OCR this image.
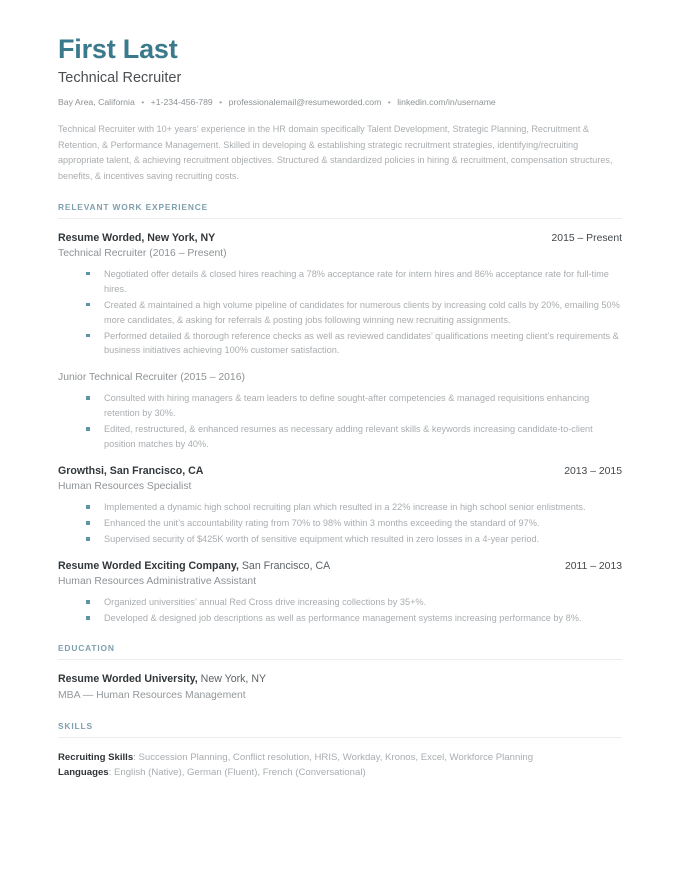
First Last
Technical Recruiter
Bay Area, California • +1-234-456-789 • professionalemail@resumeworded.com • linkedin.com/in/username

Technical Recruiter with 10+ years’ experience in the HR domain specifically Talent Development, Strategic Planning, Recruitment & Retention, & Performance Management. Skilled in developing & establishing strategic recruitment strategies, identifying/recruiting appropriate talent, & achieving recruitment objectives. Structured & standardized policies in hiring & recruitment, compensation structures, benefits, & incentives saving recruiting costs.

RELEVANT WORK EXPERIENCE
Resume Worded, New York, NY	2015 – Present
Technical Recruiter (2016 – Present)
Negotiated offer details & closed hires reaching a 78% acceptance rate for intern hires and 86% acceptance rate for full-time hires.
Created & maintained a high volume pipeline of candidates for numerous clients by increasing cold calls by 20%, emailing 50% more candidates, & asking for referrals & posting jobs following winning new recruiting assignments.
Performed detailed & thorough reference checks as well as reviewed candidates’ qualifications meeting client’s requirements & business initiatives achieving 100% customer satisfaction.
Junior Technical Recruiter (2015 – 2016)
Consulted with hiring managers & team leaders to define sought-after competencies & managed requisitions enhancing retention by 30%.
Edited, restructured, & enhanced resumes as necessary adding relevant skills & keywords increasing candidate-to-client position matches by 40%.
Growthsi, San Francisco, CA	2013 – 2015
Human Resources Specialist
Implemented a dynamic high school recruiting plan which resulted in a 22% increase in high school senior enlistments.
Enhanced the unit’s accountability rating from 70% to 98% within 3 months exceeding the standard of 97%.
Supervised security of $425K worth of sensitive equipment which resulted in zero losses in a 4-year period.
Resume Worded Exciting Company, San Francisco, CA	2011 – 2013
Human Resources Administrative Assistant
Organized universities’ annual Red Cross drive increasing collections by 35+%.
Developed & designed job descriptions as well as performance management systems increasing performance by 8%.
EDUCATION
Resume Worded University, New York, NY
MBA — Human Resources Management
SKILLS
Recruiting Skills: Succession Planning, Conflict resolution, HRIS, Workday, Kronos, Excel, Workforce Planning
Languages: English (Native), German (Fluent), French (Conversational)
